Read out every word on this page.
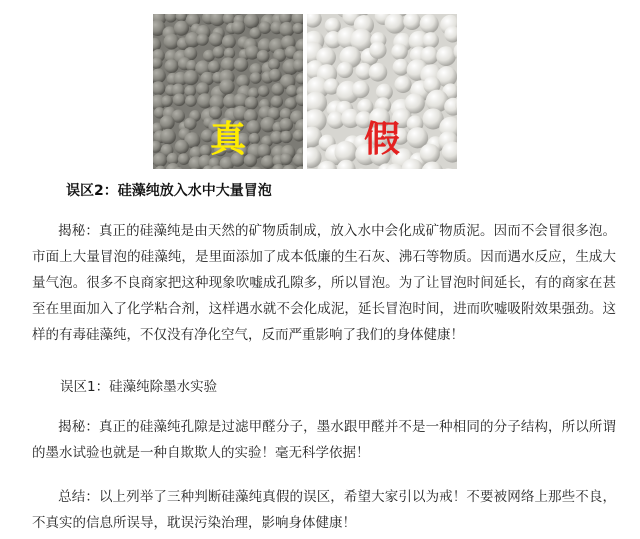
真	假
误区2：硅藻纯放入水中大量冒泡
揭秘：真正的硅藻纯是由天然的矿物质制成，放入水中会化成矿物质泥。因而不会冒很多泡。市面上大量冒泡的硅藻纯，是里面添加了成本低廉的生石灰、沸石等物质。因而遇水反应，生成大量气泡。很多不良商家把这种现象吹嘘成孔隙多，所以冒泡。为了让冒泡时间延长，有的商家在甚至在里面加入了化学粘合剂，这样遇水就不会化成泥，延长冒泡时间，进而吹嘘吸附效果强劲。这样的有毒硅藻纯，不仅没有净化空气，反而严重影响了我们的身体健康！
误区1：硅藻纯除墨水实验
揭秘：真正的硅藻纯孔隙是过滤甲醛分子，墨水跟甲醛并不是一种相同的分子结构，所以所谓的墨水试验也就是一种自欺欺人的实验！毫无科学依据！
总结：以上列举了三种判断硅藻纯真假的误区，希望大家引以为戒！不要被网络上那些不良，不真实的信息所误导，耽误污染治理，影响身体健康！
